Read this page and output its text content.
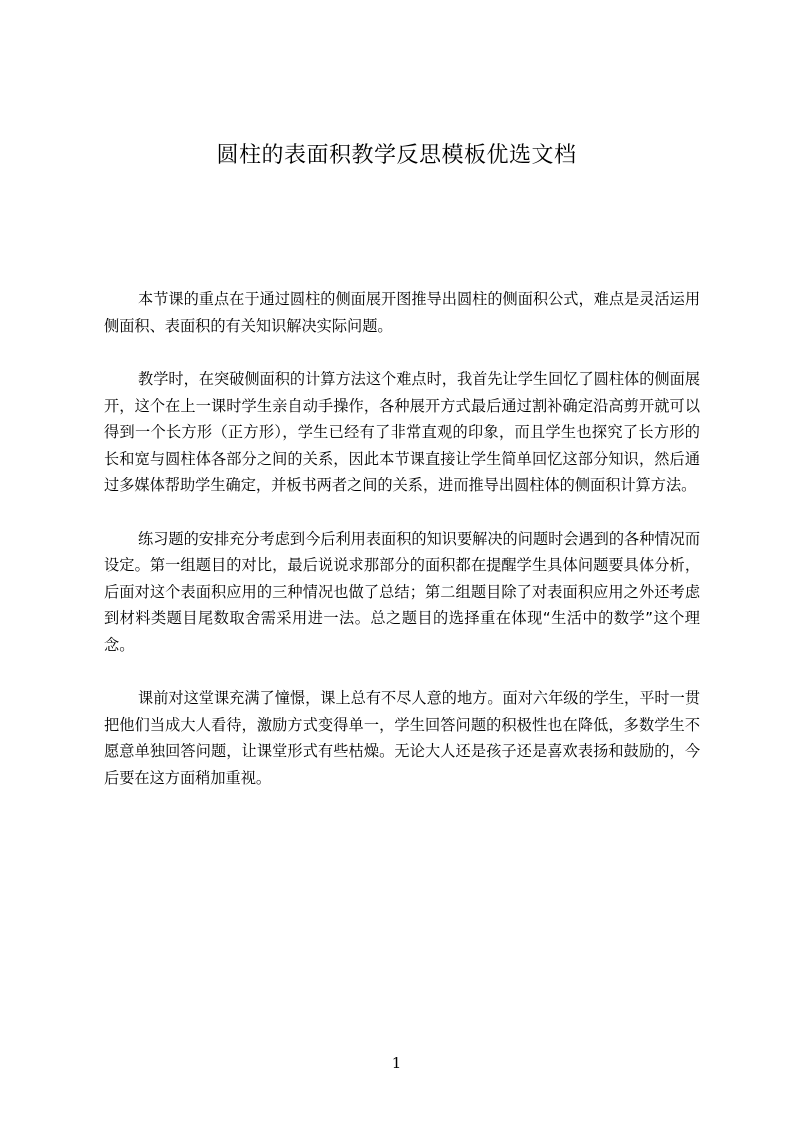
圆柱的表面积教学反思模板优选文档

本节课的重点在于通过圆柱的侧面展开图推导出圆柱的侧面积公式，难点是灵活运用侧面积、表面积的有关知识解决实际问题。

教学时，在突破侧面积的计算方法这个难点时，我首先让学生回忆了圆柱体的侧面展开，这个在上一课时学生亲自动手操作，各种展开方式最后通过割补确定沿高剪开就可以得到一个长方形（正方形），学生已经有了非常直观的印象，而且学生也探究了长方形的长和宽与圆柱体各部分之间的关系，因此本节课直接让学生简单回忆这部分知识，然后通过多媒体帮助学生确定，并板书两者之间的关系，进而推导出圆柱体的侧面积计算方法。

练习题的安排充分考虑到今后利用表面积的知识要解决的问题时会遇到的各种情况而设定。第一组题目的对比，最后说说求那部分的面积都在提醒学生具体问题要具体分析，后面对这个表面积应用的三种情况也做了总结；第二组题目除了对表面积应用之外还考虑到材料类题目尾数取舍需采用进一法。总之题目的选择重在体现“生活中的数学”这个理念。

课前对这堂课充满了憧憬，课上总有不尽人意的地方。面对六年级的学生，平时一贯把他们当成大人看待，激励方式变得单一，学生回答问题的积极性也在降低，多数学生不愿意单独回答问题，让课堂形式有些枯燥。无论大人还是孩子还是喜欢表扬和鼓励的，今后要在这方面稍加重视。

1
